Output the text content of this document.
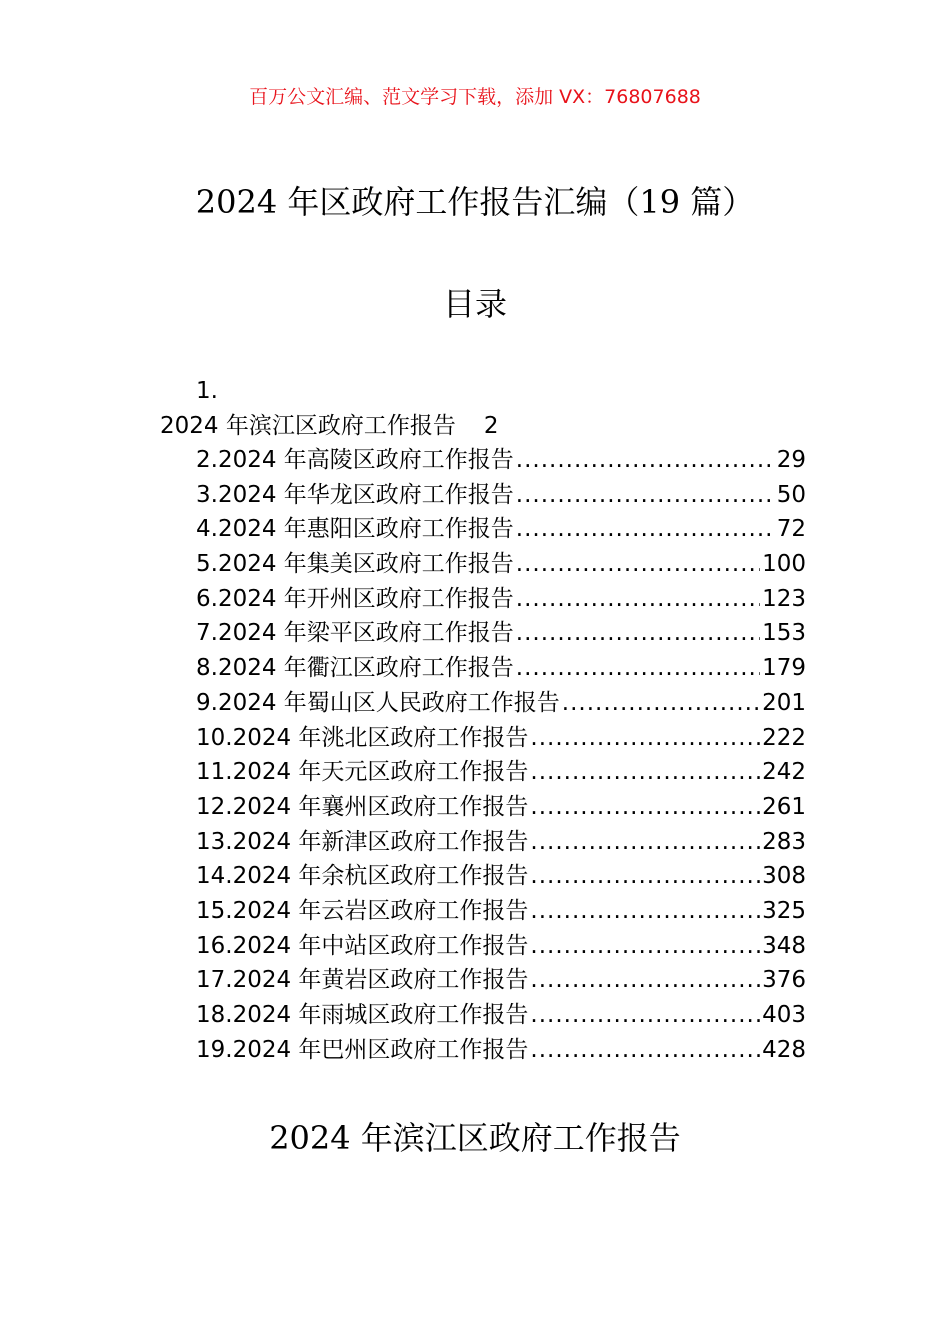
百万公文汇编、范文学习下载，添加 VX：76807688
2024 年区政府工作报告汇编（19 篇）
目录
1.
2024 年滨江区政府工作报告 2
2.2024 年高陵区政府工作报告 .....	29
3.2024 年华龙区政府工作报告 .....	50
4.2024 年惠阳区政府工作报告 .....	72
5.2024 年集美区政府工作报告 .....	100
6.2024 年开州区政府工作报告 .....	123
7.2024 年梁平区政府工作报告 .....	153
8.2024 年衢江区政府工作报告 .....	179
9.2024 年蜀山区人民政府工作报告 .....	201
10.2024 年洮北区政府工作报告 .....	222
11.2024 年天元区政府工作报告 .....	242
12.2024 年襄州区政府工作报告 .....	261
13.2024 年新津区政府工作报告 .....	283
14.2024 年余杭区政府工作报告 .....	308
15.2024 年云岩区政府工作报告 .....	325
16.2024 年中站区政府工作报告 .....	348
17.2024 年黄岩区政府工作报告 .....	376
18.2024 年雨城区政府工作报告 .....	403
19.2024 年巴州区政府工作报告 .....	428
2024 年滨江区政府工作报告
